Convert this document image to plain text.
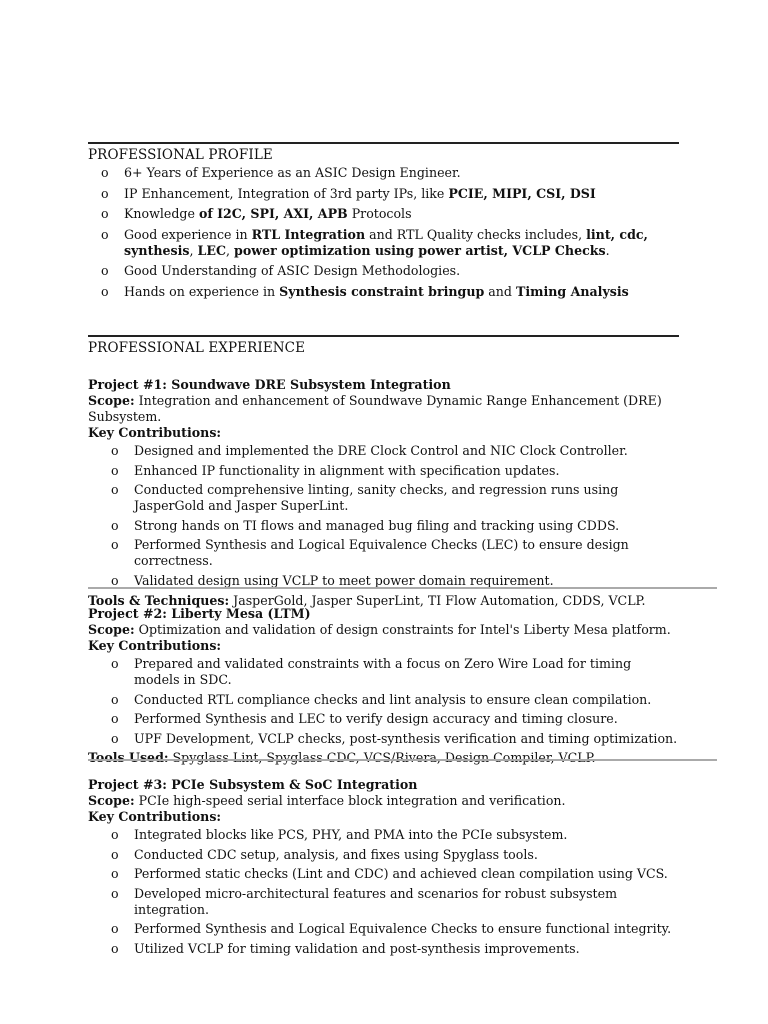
PROFESSIONAL PROFILE
o 6+ Years of Experience as an ASIC Design Engineer.
o IP Enhancement, Integration of 3rd party IPs, like PCIE, MIPI, CSI, DSI
o Knowledge of I2C, SPI, AXI, APB Protocols
o Good experience in RTL Integration and RTL Quality checks includes, lint, cdc, synthesis, LEC, power optimization using power artist, VCLP Checks.
o Good Understanding of ASIC Design Methodologies.
o Hands on experience in Synthesis constraint bringup and Timing Analysis
PROFESSIONAL EXPERIENCE
Project #1: Soundwave DRE Subsystem Integration
Scope: Integration and enhancement of Soundwave Dynamic Range Enhancement (DRE) Subsystem.
Key Contributions:
o Designed and implemented the DRE Clock Control and NIC Clock Controller.
o Enhanced IP functionality in alignment with specification updates.
o Conducted comprehensive linting, sanity checks, and regression runs using JasperGold and Jasper SuperLint.
o Strong hands on TI flows and managed bug filing and tracking using CDDS.
o Performed Synthesis and Logical Equivalence Checks (LEC) to ensure design correctness.
o Validated design using VCLP to meet power domain requirement.
Tools & Techniques: JasperGold, Jasper SuperLint, TI Flow Automation, CDDS, VCLP.
Project #2: Liberty Mesa (LTM)
Scope: Optimization and validation of design constraints for Intel's Liberty Mesa platform.
Key Contributions:
o Prepared and validated constraints with a focus on Zero Wire Load for timing models in SDC.
o Conducted RTL compliance checks and lint analysis to ensure clean compilation.
o Performed Synthesis and LEC to verify design accuracy and timing closure.
o UPF Development, VCLP checks, post-synthesis verification and timing optimization.
Tools Used: Spyglass Lint, Spyglass CDC, VCS/Rivera, Design Compiler, VCLP.
Project #3: PCIe Subsystem & SoC Integration
Scope: PCIe high-speed serial interface block integration and verification.
Key Contributions:
o Integrated blocks like PCS, PHY, and PMA into the PCIe subsystem.
o Conducted CDC setup, analysis, and fixes using Spyglass tools.
o Performed static checks (Lint and CDC) and achieved clean compilation using VCS.
o Developed micro-architectural features and scenarios for robust subsystem integration.
o Performed Synthesis and Logical Equivalence Checks to ensure functional integrity.
o Utilized VCLP for timing validation and post-synthesis improvements.
